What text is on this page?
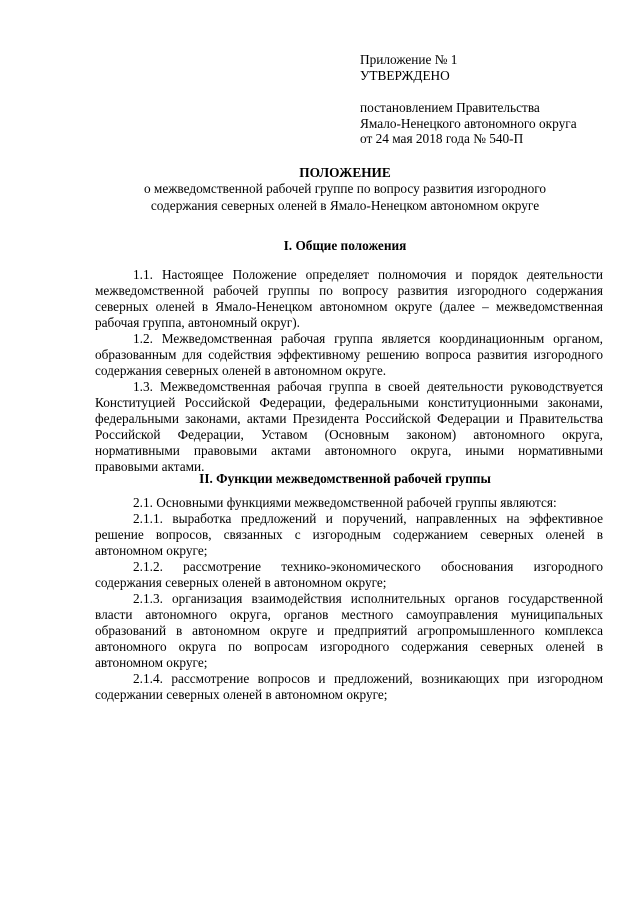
Приложение № 1
УТВЕРЖДЕНО
постановлением Правительства
Ямало-Ненецкого автономного округа
от 24 мая 2018 года № 540-П
ПОЛОЖЕНИЕ
о межведомственной рабочей группе по вопросу развития изгородного
содержания северных оленей в Ямало-Ненецком автономном округе
I. Общие положения

1.1. Настоящее Положение определяет полномочия и порядок деятельности межведомственной рабочей группы по вопросу развития изгородного содержания северных оленей в Ямало-Ненецком автономном округе (далее – межведомственная рабочая группа, автономный округ).

1.2. Межведомственная рабочая группа является координационным органом, образованным для содействия эффективному решению вопроса развития изгородного содержания северных оленей в автономном округе.

1.3. Межведомственная рабочая группа в своей деятельности руководствуется Конституцией Российской Федерации, федеральными конституционными законами, федеральными законами, актами Президента Российской Федерации и Правительства Российской Федерации, Уставом (Основным законом) автономного округа, нормативными правовыми актами автономного округа, иными нормативными правовыми актами.

II. Функции межведомственной рабочей группы

2.1. Основными функциями межведомственной рабочей группы являются:

2.1.1. выработка предложений и поручений, направленных на эффективное решение вопросов, связанных с изгородным содержанием северных оленей в автономном округе;

2.1.2. рассмотрение технико-экономического обоснования изгородного содержания северных оленей в автономном округе;

2.1.3. организация взаимодействия исполнительных органов государственной власти автономного округа, органов местного самоуправления муниципальных образований в автономном округе и предприятий агропромышленного комплекса автономного округа по вопросам изгородного содержания северных оленей в автономном округе;

2.1.4. рассмотрение вопросов и предложений, возникающих при изгородном содержании северных оленей в автономном округе;
